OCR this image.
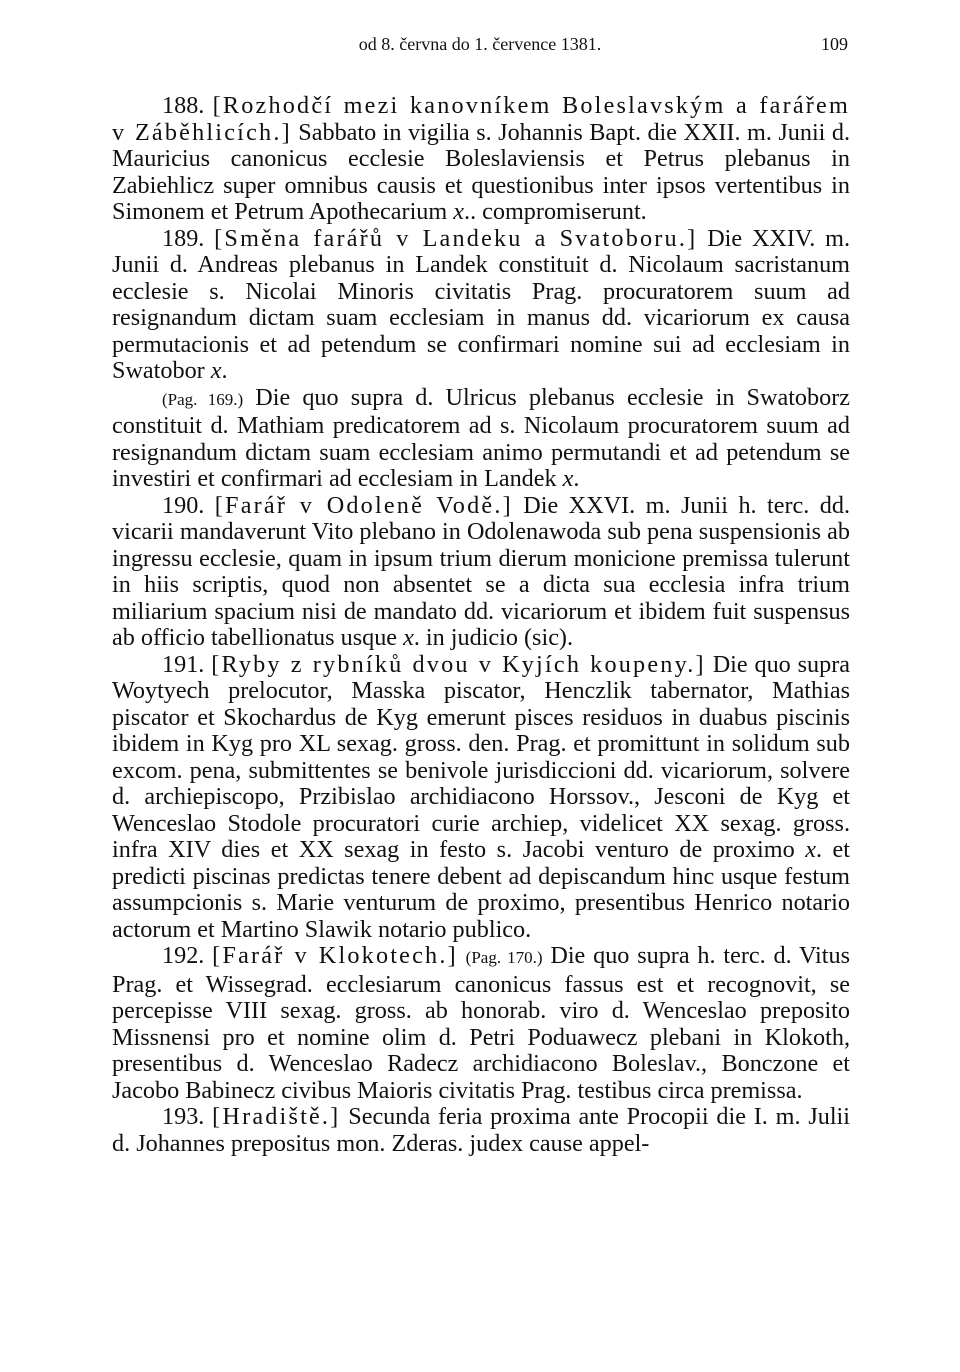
od 8. června do 1. července 1381.	109

188. [Rozhodčí mezi kanovníkem Boleslavským a farářem v Záběhlicích.] Sabbato in vigilia s. Johannis Bapt. die XXII. m. Junii d. Mauricius canonicus ecclesie Boleslaviensis et Petrus plebanus in Zabiehlicz super omnibus causis et questionibus inter ipsos vertentibus in Simonem et Petrum Apothecarium x.. compromiserunt.

189. [Směna farářů v Landeku a Svatoboru.] Die XXIV. m. Junii d. Andreas plebanus in Landek constituit d. Nicolaum sacristanum ecclesie s. Nicolai Minoris civitatis Prag. procuratorem suum ad resignandum dictam suam ecclesiam in manus dd. vicariorum ex causa permutacionis et ad petendum se confirmari nomine sui ad ecclesiam in Swatobor x.

(Pag. 169.) Die quo supra d. Ulricus plebanus ecclesie in Swatoborz constituit d. Mathiam predicatorem ad s. Nicolaum procuratorem suum ad resignandum dictam suam ecclesiam animo permutandi et ad petendum se investiri et confirmari ad ecclesiam in Landek x.

190. [Farář v Odoleně Vodě.] Die XXVI. m. Junii h. terc. dd. vicarii mandaverunt Vito plebano in Odolenawoda sub pena suspensionis ab ingressu ecclesie, quam in ipsum trium dierum monicione premissa tulerunt in hiis scriptis, quod non absentet se a dicta sua ecclesia infra trium miliarium spacium nisi de mandato dd. vicariorum et ibidem fuit suspensus ab officio tabellionatus usque x. in judicio (sic).

191. [Ryby z rybníků dvou v Kyjích koupeny.] Die quo supra Woytyech prelocutor, Masska piscator, Henczlik tabernator, Mathias piscator et Skochardus de Kyg emerunt pisces residuos in duabus piscinis ibidem in Kyg pro XL sexag. gross. den. Prag. et promittunt in solidum sub excom. pena, submittentes se benivole jurisdiccioni dd. vicariorum, solvere d. archiepiscopo, Przibislao archidiacono Horssov., Jesconi de Kyg et Wenceslao Stodole procuratori curie archiep, videlicet XX sexag. gross. infra XIV dies et XX sexag in festo s. Jacobi venturo de proximo x. et predicti piscinas predictas tenere debent ad depiscandum hinc usque festum assumpcionis s. Marie venturum de proximo, presentibus Henrico notario actorum et Martino Slawik notario publico.

192. [Farář v Klokotech.] (Pag. 170.) Die quo supra h. terc. d. Vitus Prag. et Wissegrad. ecclesiarum canonicus fassus est et recognovit, se percepisse VIII sexag. gross. ab honorab. viro d. Wenceslao preposito Missnensi pro et nomine olim d. Petri Poduawecz plebani in Klokoth, presentibus d. Wenceslao Radecz archidiacono Boleslav., Bonczone et Jacobo Babinecz civibus Maioris civitatis Prag. testibus circa premissa.

193. [Hradiště.] Secunda feria proxima ante Procopii die I. m. Julii d. Johannes prepositus mon. Zderas. judex cause appel-
